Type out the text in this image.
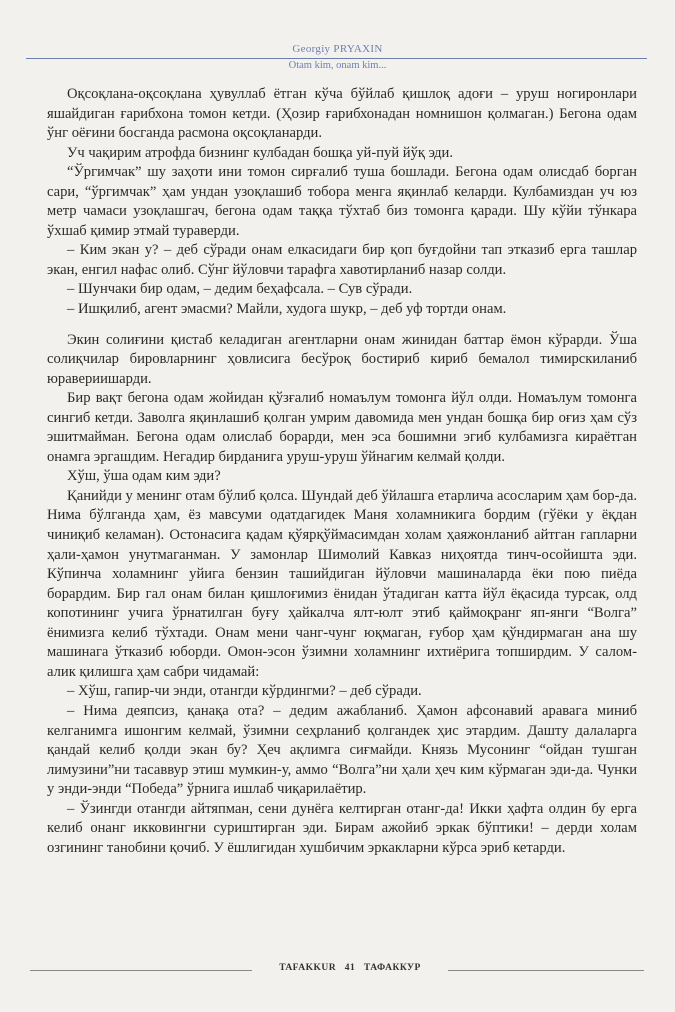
Georgiy PRYAXIN
Otam kim, onam kim...

Оқсоқлана-оқсоқлана ҳувуллаб ётган кўча бўйлаб қишлоқ адоғи – уруш ногиронлари яшайдиган ғарибхона томон кетди. (Ҳозир ғарибхонадан номнишон қолмаган.) Бегона одам ўнг оёғини босганда расмона оқсоқланарди.

Уч чақирим атрофда бизнинг кулбадан бошқа уй-пуй йўқ эди.

“Ўргимчак” шу заҳоти ини томон сирғалиб туша бошлади. Бегона одам олисдаб борган сари, “ўргимчак” ҳам ундан узоқлашиб тобора менга яқинлаб келарди. Кулбамиздан уч юз метр чамаси узоқлашгач, бегона одам таққа тўхтаб биз томонга қаради. Шу кўйи тўнкара ўхшаб қимир этмай тураверди.

– Ким экан у? – деб сўради онам елкасидаги бир қоп буғдойни тап этказиб ерга ташлар экан, енгил нафас олиб. Сўнг йўловчи тарафга хавотирланиб назар солди.

– Шунчаки бир одам, – дедим беҳафсала. – Сув сўради.

– Ишқилиб, агент эмасми? Майли, худога шукр, – деб уф тортди онам.

Экин солиғини қистаб келадиган агентларни онам жинидан баттар ёмон кўрарди. Ўша солиқчилар бировларнинг ҳовлисига бесўроқ бостириб кириб бемалол тимирскиланиб юравериишарди.

Бир вақт бегона одам жойидан қўзғалиб номаълум томонга йўл олди. Номаълум томонга сингиб кетди. Заволга яқинлашиб қолган умрим давомида мен ундан бошқа бир оғиз ҳам сўз эшитмайман. Бегона одам олислаб борарди, мен эса бошимни эгиб кулбамизга кираётган онамга эргашдим. Негадир бирданига уруш-уруш ўйнагим келмай қолди.

Хўш, ўша одам ким эди?

Қанийди у менинг отам бўлиб қолса. Шундай деб ўйлашга етарлича асосларим ҳам бор-да. Нима бўлганда ҳам, ёз мавсуми одатдагидек Маня холамникига бордим (гўёки у ёқдан чиниқиб келаман). Остонасига қадам қўярқўймасимдан холам ҳаяжонланиб айтган гапларни ҳали-ҳамон унутмаганман. У замонлар Шимолий Кавказ ниҳоятда тинч-осойишта эди. Кўпинча холамнинг уйига бензин ташийдиган йўловчи машиналарда ёки пою пиёда борардим. Бир гал онам билан қишлоғимиз ёнидан ўтадиган катта йўл ёқасида турсак, олд копотининг учига ўрнатилган буғу ҳайкалча ялт-юлт этиб қаймоқранг яп-янги “Волга” ёнимизга келиб тўхтади. Онам мени чанг-чунг юқмаган, ғубор ҳам қўндирмаган ана шу машинага ўтказиб юборди. Омон-эсон ўзимни холамнинг ихтиёрига топширдим. У салом-алик қилишга ҳам сабри чидамай:

– Хўш, гапир-чи энди, отангди кўрдингми? – деб сўради.

– Нима деяпсиз, қанақа ота? – дедим ажабланиб. Ҳамон афсонавий аравага миниб келганимга ишонгим келмай, ўзимни сеҳрланиб қолгандек ҳис этардим. Дашту далаларга қандай келиб қолди экан бу? Ҳеч ақлимга сиғмайди. Князь Мусонинг “ойдан тушган лимузини”ни тасаввур этиш мумкин-у, аммо “Волга”ни ҳали ҳеч ким кўрмаган эди-да. Чунки у энди-энди “Победа” ўрнига ишлаб чиқарилаётир.

– Ўзингди отангди айтяпман, сени дунёга келтирган отанг-да! Икки ҳафта олдин бу ерга келиб онанг икковингни суриштирган эди. Бирам ажойиб эркак бўптики! – дерди холам озгининг танобини қочиб. У ёшлигидан хушбичим эркакларни кўрса эриб кетарди.

TAFAKKUR 41 ТАФАККУР
